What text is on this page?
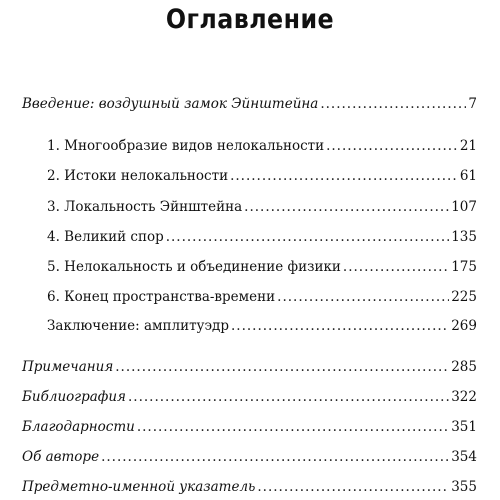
Оглавление
Введение: воздушный замок Эйнштейна .....	7
1. Многообразие видов нелокальности .....	21
2. Истоки нелокальности .....	61
3. Локальность Эйнштейна .....	107
4. Великий спор .....	135
5. Нелокальность и объединение физики .....	175
6. Конец пространства-времени .....	225
Заключение: амплитуэдр .....	269
Примечания .....	285
Библиография .....	322
Благодарности .....	351
Об авторе .....	354
Предметно-именной указатель .....	355
